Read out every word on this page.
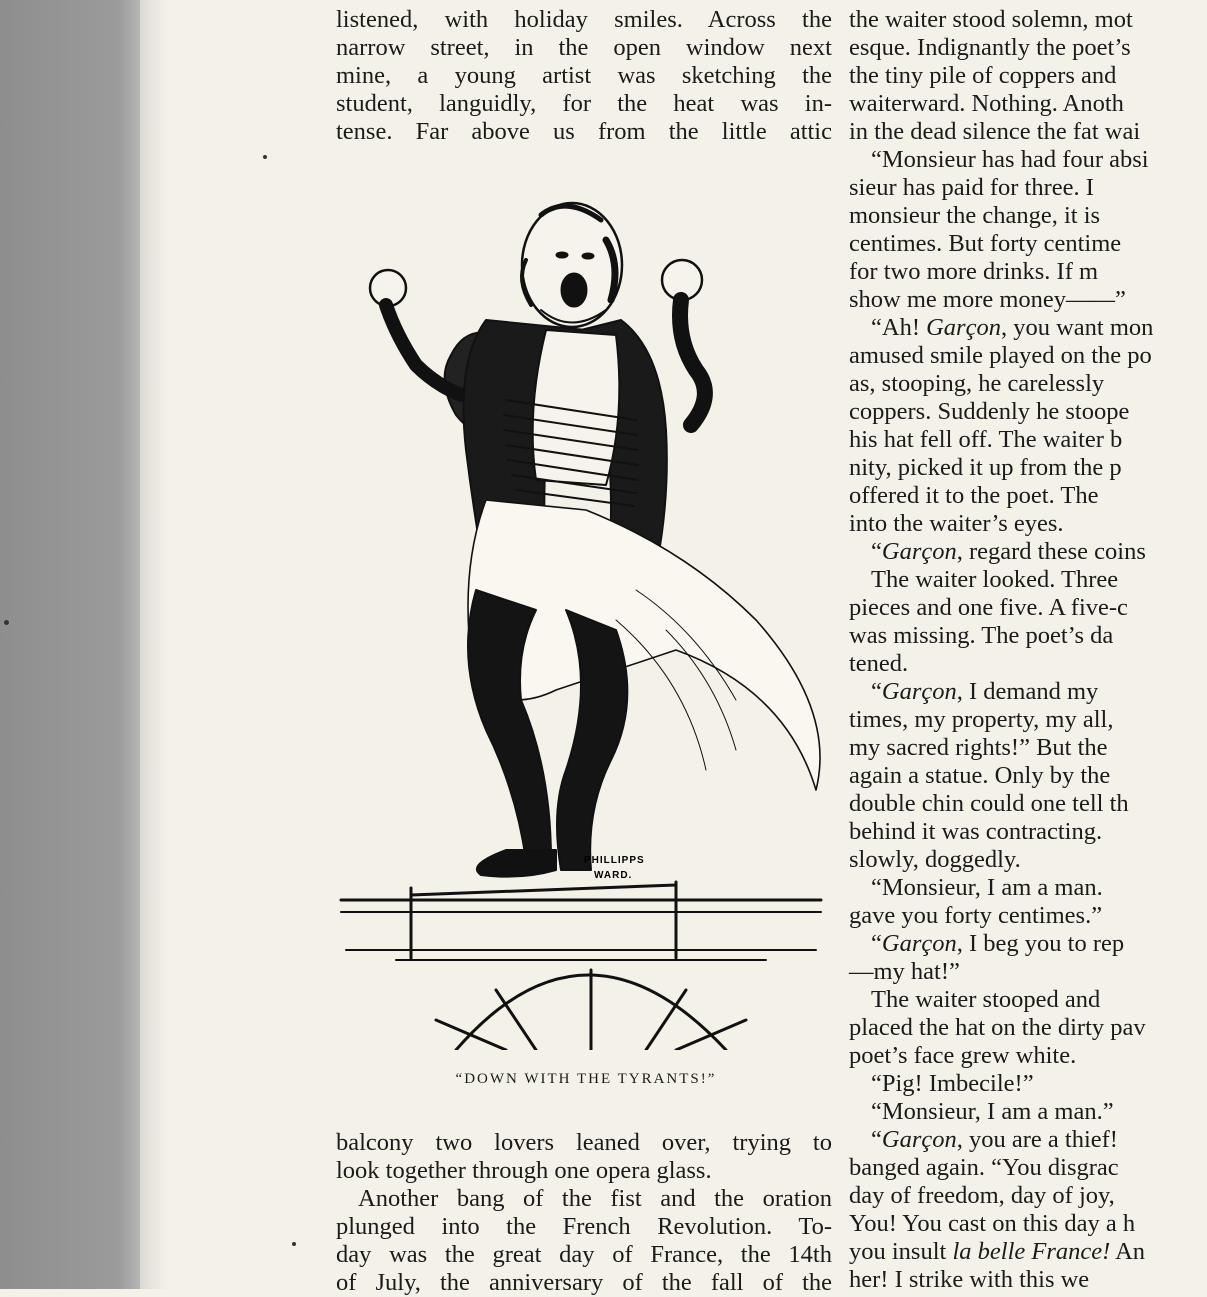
listened, with holiday smiles. Across the
narrow street, in the open window next
mine, a young artist was sketching the
student, languidly, for the heat was in-
tense. Far above us from the little attic
PHILLIPPS
WARD.
“DOWN WITH THE TYRANTS!”
balcony two lovers leaned over, trying to
look together through one opera glass.
Another bang of the fist and the oration
plunged into the French Revolution. To-
day was the great day of France, the 14th
of July, the anniversary of the fall of the
the waiter stood solemn, mot
esque. Indignantly the poet’s
the tiny pile of coppers and
waiterward. Nothing. Anoth
in the dead silence the fat wai
“Monsieur has had four absi
sieur has paid for three. I
monsieur the change, it is
centimes. But forty centime
for two more drinks. If m
show me more money——”
“Ah! Garçon, you want mon
amused smile played on the po
as, stooping, he carelessly
coppers. Suddenly he stoope
his hat fell off. The waiter b
nity, picked it up from the p
offered it to the poet. The
into the waiter’s eyes.
“Garçon, regard these coins
The waiter looked. Three
pieces and one five. A five-c
was missing. The poet’s da
tened.
“Garçon, I demand my
times, my property, my all,
my sacred rights!” But the
again a statue. Only by the
double chin could one tell th
behind it was contracting.
slowly, doggedly.
“Monsieur, I am a man.
gave you forty centimes.”
“Garçon, I beg you to rep
—my hat!”
The waiter stooped and
placed the hat on the dirty pav
poet’s face grew white.
“Pig! Imbecile!”
“Monsieur, I am a man.”
“Garçon, you are a thief!
banged again. “You disgrac
day of freedom, day of joy,
You! You cast on this day a h
you insult la belle France! An
her! I strike with this we
